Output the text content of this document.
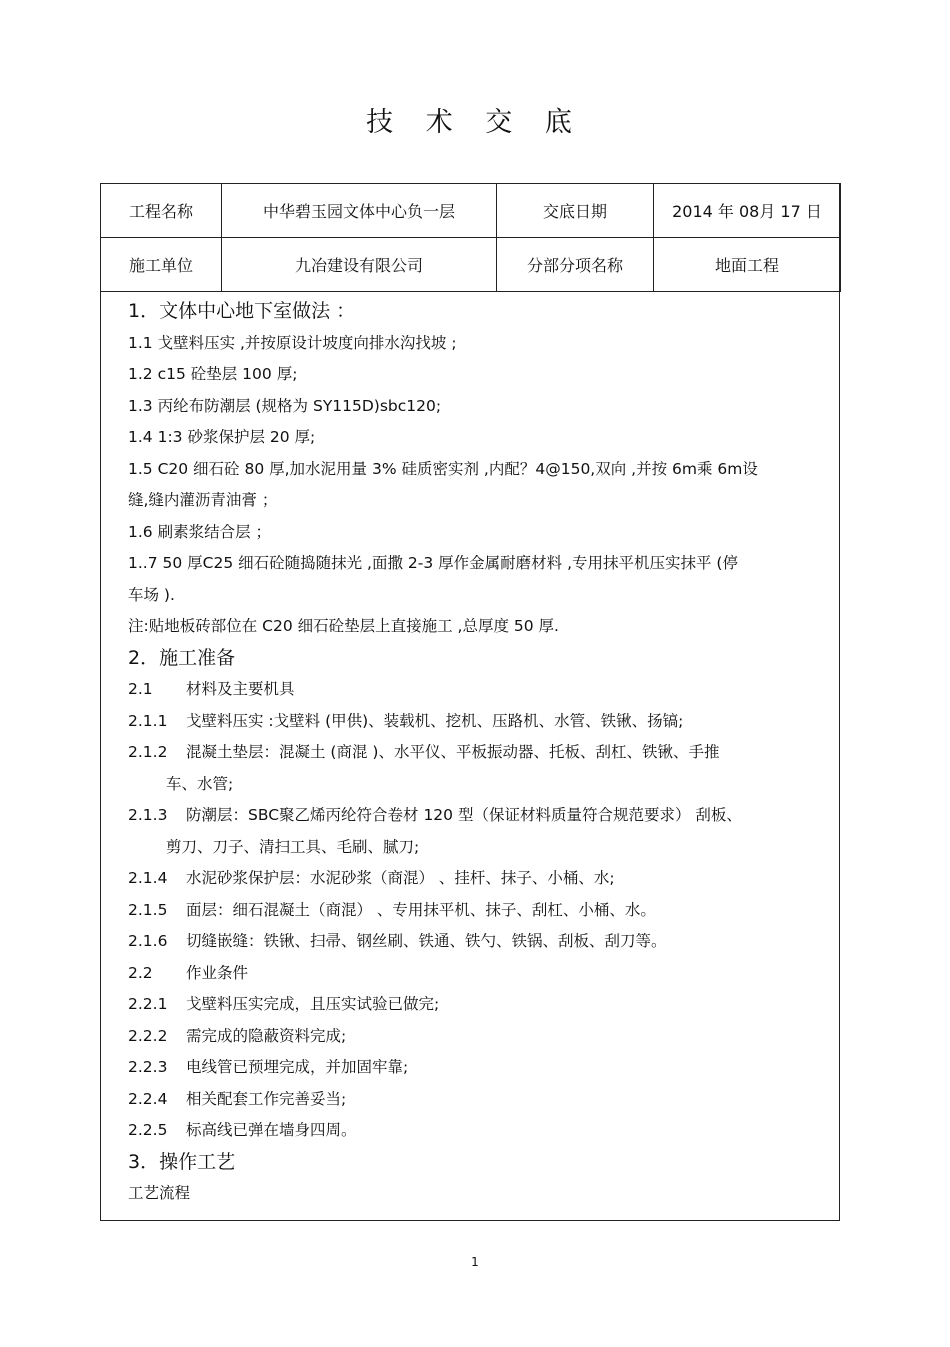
技 术 交 底
工程名称	中华碧玉园文体中心负一层	交底日期	2014 年 08月 17 日
施工单位	九冶建设有限公司	分部分项名称	地面工程
1．文体中心地下室做法 ：
1.1 戈壁料压实 ,并按原设计坡度向排水沟找坡 ;
1.2 c15 砼垫层 100 厚;
1.3 丙纶布防潮层 (规格为 SY115D)sbc120;
1.4 1:3 砂浆保护层 20 厚;
1.5 C20 细石砼 80 厚,加水泥用量 3% 硅质密实剂 ,内配？4@150,双向 ,并按 6m乘 6m设
缝,缝内灌沥青油膏 ；
1.6 刷素浆结合层 ；
1..7 50 厚C25 细石砼随捣随抹光 ,面撒 2-3 厚作金属耐磨材料 ,专用抹平机压实抹平 (停
车场 ).
注:贴地板砖部位在 C20 细石砼垫层上直接施工 ,总厚度 50 厚.
2．施工准备
2.1 材料及主要机具
2.1.1 戈壁料压实 :戈壁料 (甲供)、装载机、挖机、压路机、水管、铁锹、扬镐;
2.1.2 混凝土垫层：混凝土 (商混 )、水平仪、平板振动器、托板、刮杠、铁锹、手推
车、水管;
2.1.3 防潮层：SBC聚乙烯丙纶符合卷材 120 型（保证材料质量符合规范要求） 刮板、
剪刀、刀子、清扫工具、毛刷、腻刀;
2.1.4 水泥砂浆保护层：水泥砂浆（商混） 、挂杆、抹子、小桶、水;
2.1.5 面层：细石混凝土（商混） 、专用抹平机、抹子、刮杠、小桶、水。
2.1.6 切缝嵌缝：铁锹、扫帚、钢丝刷、铁通、铁勺、铁锅、刮板、刮刀等。
2.2 作业条件
2.2.1 戈壁料压实完成，且压实试验已做完;
2.2.2 需完成的隐蔽资料完成;
2.2.3 电线管已预埋完成，并加固牢靠;
2.2.4 相关配套工作完善妥当;
2.2.5 标高线已弹在墙身四周。
3．操作工艺
工艺流程
1
